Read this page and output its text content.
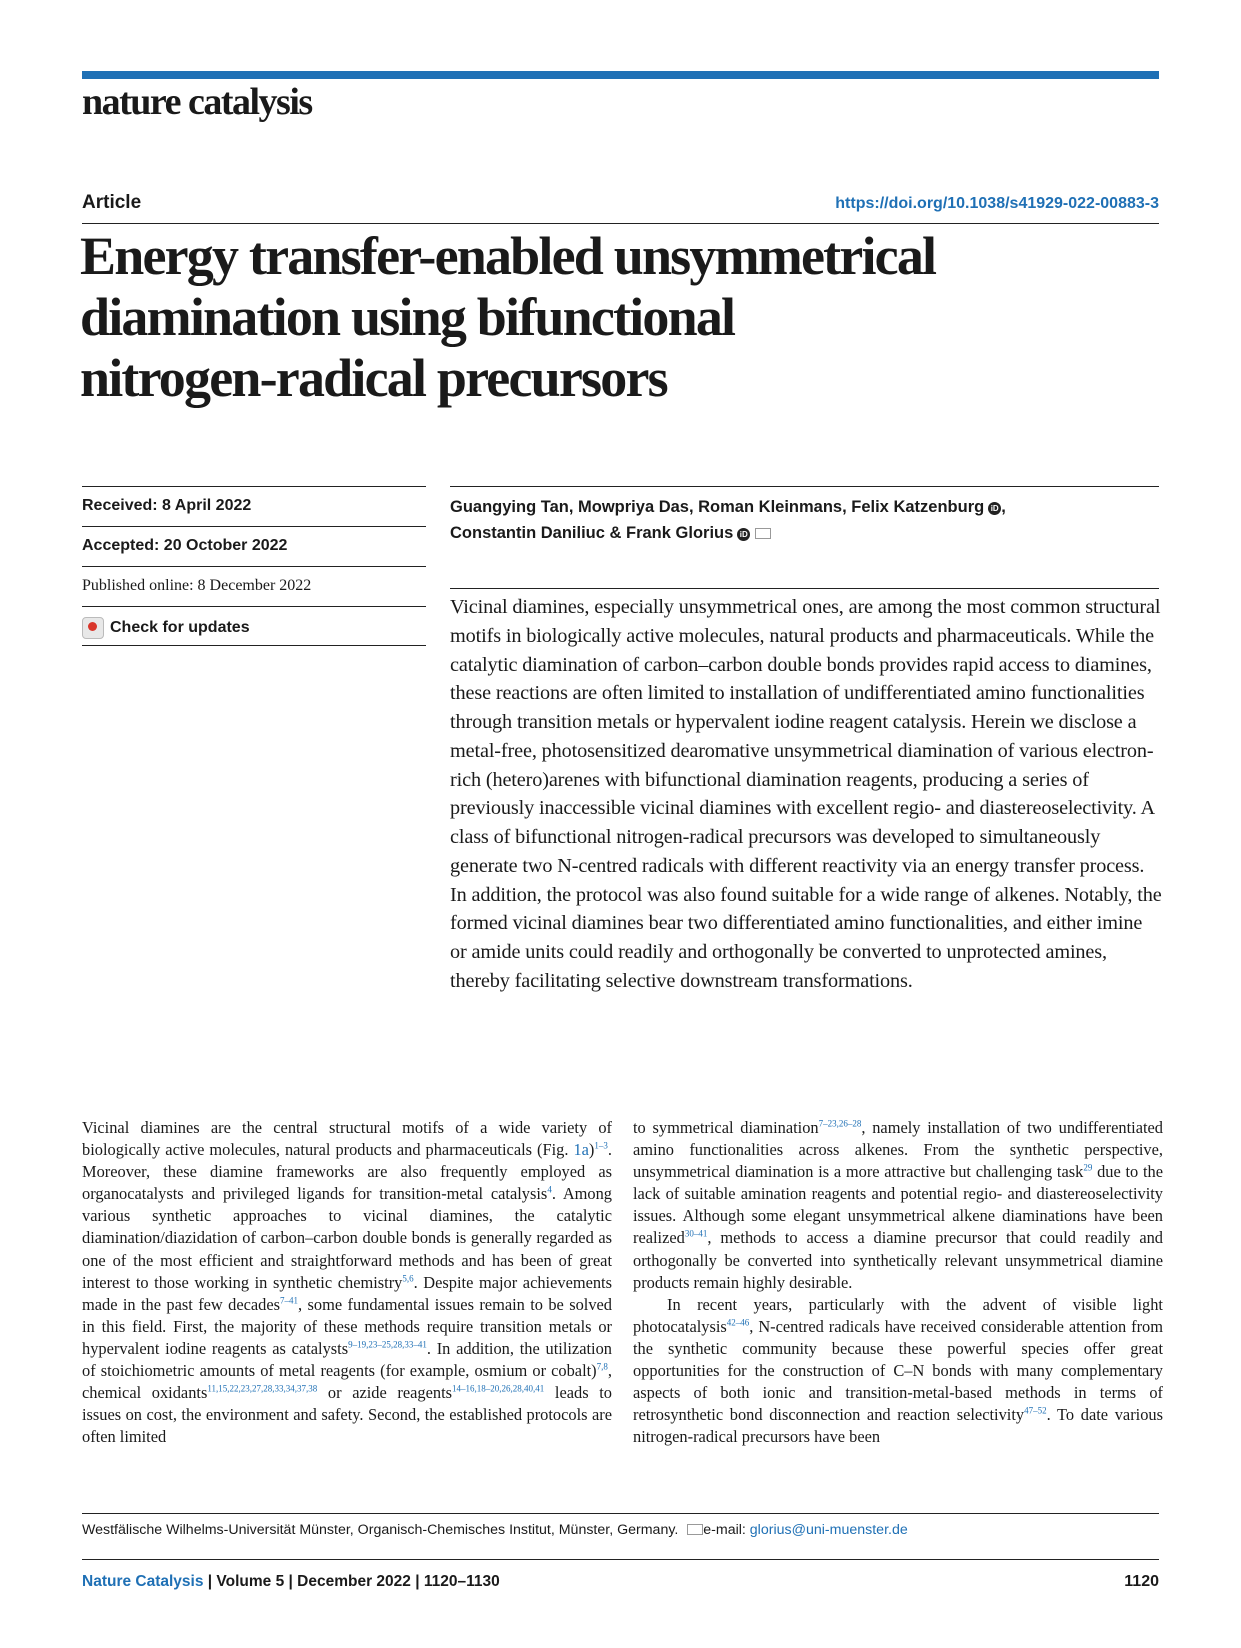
nature catalysis
Article	https://doi.org/10.1038/s41929-022-00883-3
Energy transfer-enabled unsymmetrical
diamination using bifunctional
nitrogen-radical precursors
Received: 8 April 2022
Accepted: 20 October 2022
Published online: 8 December 2022
Check for updates
Guangying Tan, Mowpriya Das, Roman Kleinmans, Felix Katzenburg iD ,
Constantin Daniliuc & Frank Glorius iD

Vicinal diamines, especially unsymmetrical ones, are among the most common structural motifs in biologically active molecules, natural products and pharmaceuticals. While the catalytic diamination of carbon–carbon double bonds provides rapid access to diamines, these reactions are often limited to installation of undifferentiated amino functionalities through transition metals or hypervalent iodine reagent catalysis. Herein we disclose a metal-free, photosensitized dearomative unsymmetrical diamination of various electron-rich (hetero)arenes with bifunctional diamination reagents, producing a series of previously inaccessible vicinal diamines with excellent regio- and diastereoselectivity. A class of bifunctional nitrogen-radical precursors was developed to simultaneously generate two N-centred radicals with different reactivity via an energy transfer process. In addition, the protocol was also found suitable for a wide range of alkenes. Notably, the formed vicinal diamines bear two differentiated amino functionalities, and either imine or amide units could readily and orthogonally be converted to unprotected amines, thereby facilitating selective downstream transformations.

Vicinal diamines are the central structural motifs of a wide variety of biologically active molecules, natural products and pharmaceuticals (Fig. 1a)$^{1-3}$. Moreover, these diamine frameworks are also frequently employed as organocatalysts and privileged ligands for transition-metal catalysis$^4$. Among various synthetic approaches to vicinal diamines, the catalytic diamination/diazidation of carbon–carbon double bonds is generally regarded as one of the most efficient and straightforward methods and has been of great interest to those working in synthetic chemistry$^{5,6}$. Despite major achievements made in the past few decades$^{7-41}$, some fundamental issues remain to be solved in this field. First, the majority of these methods require transition metals or hypervalent iodine reagents as catalysts$^{9-19,23-25,28,33-41}$. In addition, the utilization of stoichiometric amounts of metal reagents (for example, osmium or cobalt)$^{7,8}$, chemical oxidants$^{11,15,22,23,27,28,33,34,37,38}$ or azide reagents$^{14-16,18-20,26,28,40,41}$ leads to issues on cost, the environment and safety. Second, the established protocols are often limited

to symmetrical diamination$^{7-23,26-28}$, namely installation of two undifferentiated amino functionalities across alkenes. From the synthetic perspective, unsymmetrical diamination is a more attractive but challenging task$^{29}$ due to the lack of suitable amination reagents and potential regio- and diastereoselectivity issues. Although some elegant unsymmetrical alkene diaminations have been realized$^{30-41}$, methods to access a diamine precursor that could readily and orthogonally be converted into synthetically relevant unsymmetrical diamine products remain highly desirable.

In recent years, particularly with the advent of visible light photocatalysis$^{42-46}$, N-centred radicals have received considerable attention from the synthetic community because these powerful species offer great opportunities for the construction of C–N bonds with many complementary aspects of both ionic and transition-metal-based methods in terms of retrosynthetic bond disconnection and reaction selectivity$^{47-52}$. To date various nitrogen-radical precursors have been

Westfälische Wilhelms-Universität Münster, Organisch-Chemisches Institut, Münster, Germany. e-mail: glorius@uni-muenster.de
Nature Catalysis | Volume 5 | December 2022 | 1120–1130	1120
